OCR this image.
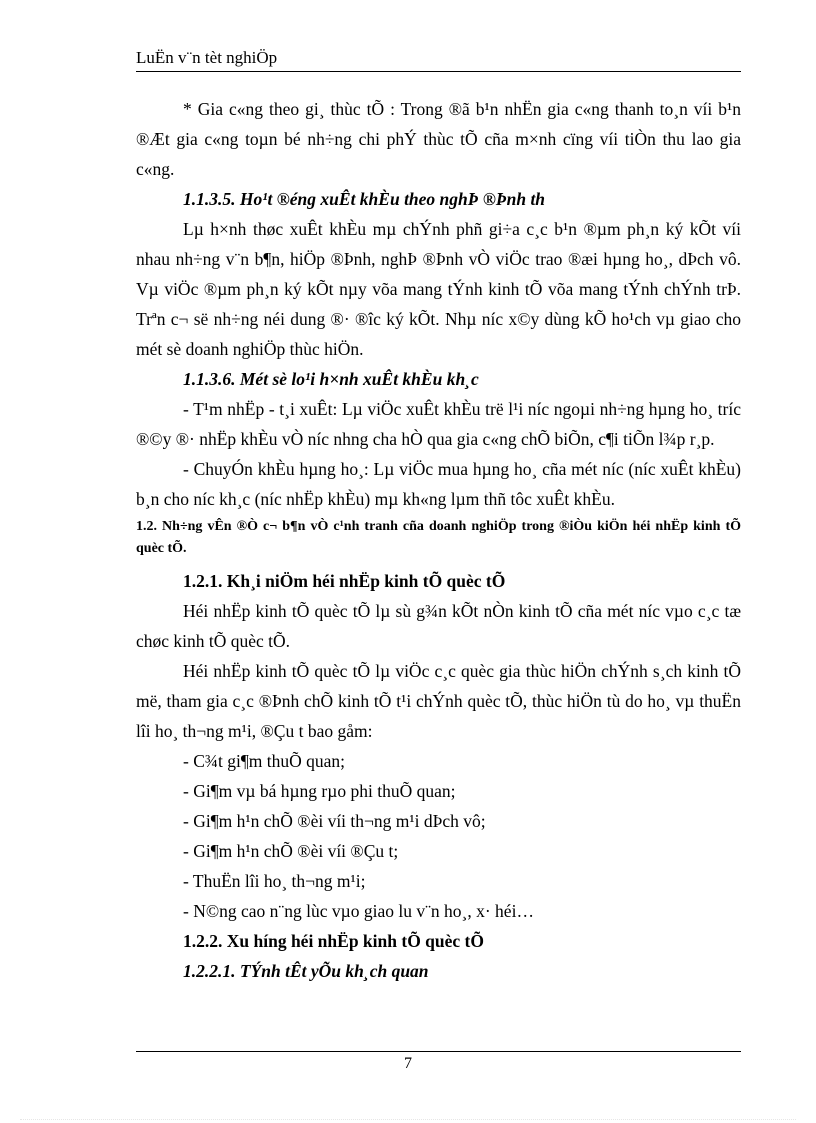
LuËn v¨n tèt nghiÖp

* Gia c«ng theo gi¸ thùc tÕ : Trong ®ã b¹n nhËn gia c«ng thanh to¸n víi b¹n ®Æt gia c«ng toµn bé nh÷ng chi phÝ thùc tÕ cña m×nh cïng víi tiÒn thu lao gia c«ng.

1.1.3.5. Ho¹t ®éng xuÊt khÈu theo nghÞ ®Þnh th

Lµ h×nh thøc xuÊt khÈu mµ chÝnh phñ gi÷a c¸c b¹n ®µm ph¸n ký kÕt víi nhau nh÷ng v¨n b¶n, hiÖp ®Þnh, nghÞ ®Þnh vÒ viÖc trao ®æi hµng ho¸, dÞch vô. Vµ viÖc ®µm ph¸n ký kÕt nµy võa mang tÝnh kinh tÕ võa mang tÝnh chÝnh trÞ. Trªn c¬ së nh÷ng néi dung ®· ®îc ký kÕt. Nhµ níc x©y dùng kÕ ho¹ch vµ giao cho mét sè doanh nghiÖp thùc hiÖn.

1.1.3.6. Mét sè lo¹i h×nh xuÊt khÈu kh¸c

- T¹m nhËp - t¸i xuÊt: Lµ viÖc xuÊt khÈu trë l¹i níc ngoµi nh÷ng hµng ho¸ tríc ®©y ®· nhËp khÈu vÒ níc nhng cha hÒ qua gia c«ng chÕ biÕn, c¶i tiÕn l¾p r¸p.

- ChuyÓn khÈu hµng ho¸: Lµ viÖc mua hµng ho¸ cña mét níc (níc xuÊt khÈu) b¸n cho níc kh¸c (níc nhËp khÈu) mµ kh«ng lµm thñ tôc xuÊt khÈu.

1.2. Nh÷ng vÊn ®Ò c¬ b¶n vÒ c¹nh tranh cña doanh nghiÖp trong ®iÒu kiÖn héi nhËp kinh tÕ quèc tÕ.

1.2.1. Kh¸i niÖm héi nhËp kinh tÕ quèc tÕ

Héi nhËp kinh tÕ quèc tÕ lµ sù g¾n kÕt nÒn kinh tÕ cña mét níc vµo c¸c tæ chøc kinh tÕ quèc tÕ.

Héi nhËp kinh tÕ quèc tÕ lµ viÖc c¸c quèc gia thùc hiÖn chÝnh s¸ch kinh tÕ më, tham gia c¸c ®Þnh chÕ kinh tÕ t¹i chÝnh quèc tÕ, thùc hiÖn tù do ho¸ vµ thuËn lîi ho¸ th¬ng m¹i, ®Çu t bao gåm:

- C¾t gi¶m thuÕ quan;

- Gi¶m vµ bá hµng rµo phi thuÕ quan;

- Gi¶m h¹n chÕ ®èi víi th¬ng m¹i dÞch vô;

- Gi¶m h¹n chÕ ®èi víi ®Çu t;

- ThuËn lîi ho¸ th¬ng m¹i;

- N©ng cao n¨ng lùc vµo giao lu v¨n ho¸, x· héi…

1.2.2. Xu híng héi nhËp kinh tÕ quèc tÕ

1.2.2.1. TÝnh tÊt yÕu kh¸ch quan

7
